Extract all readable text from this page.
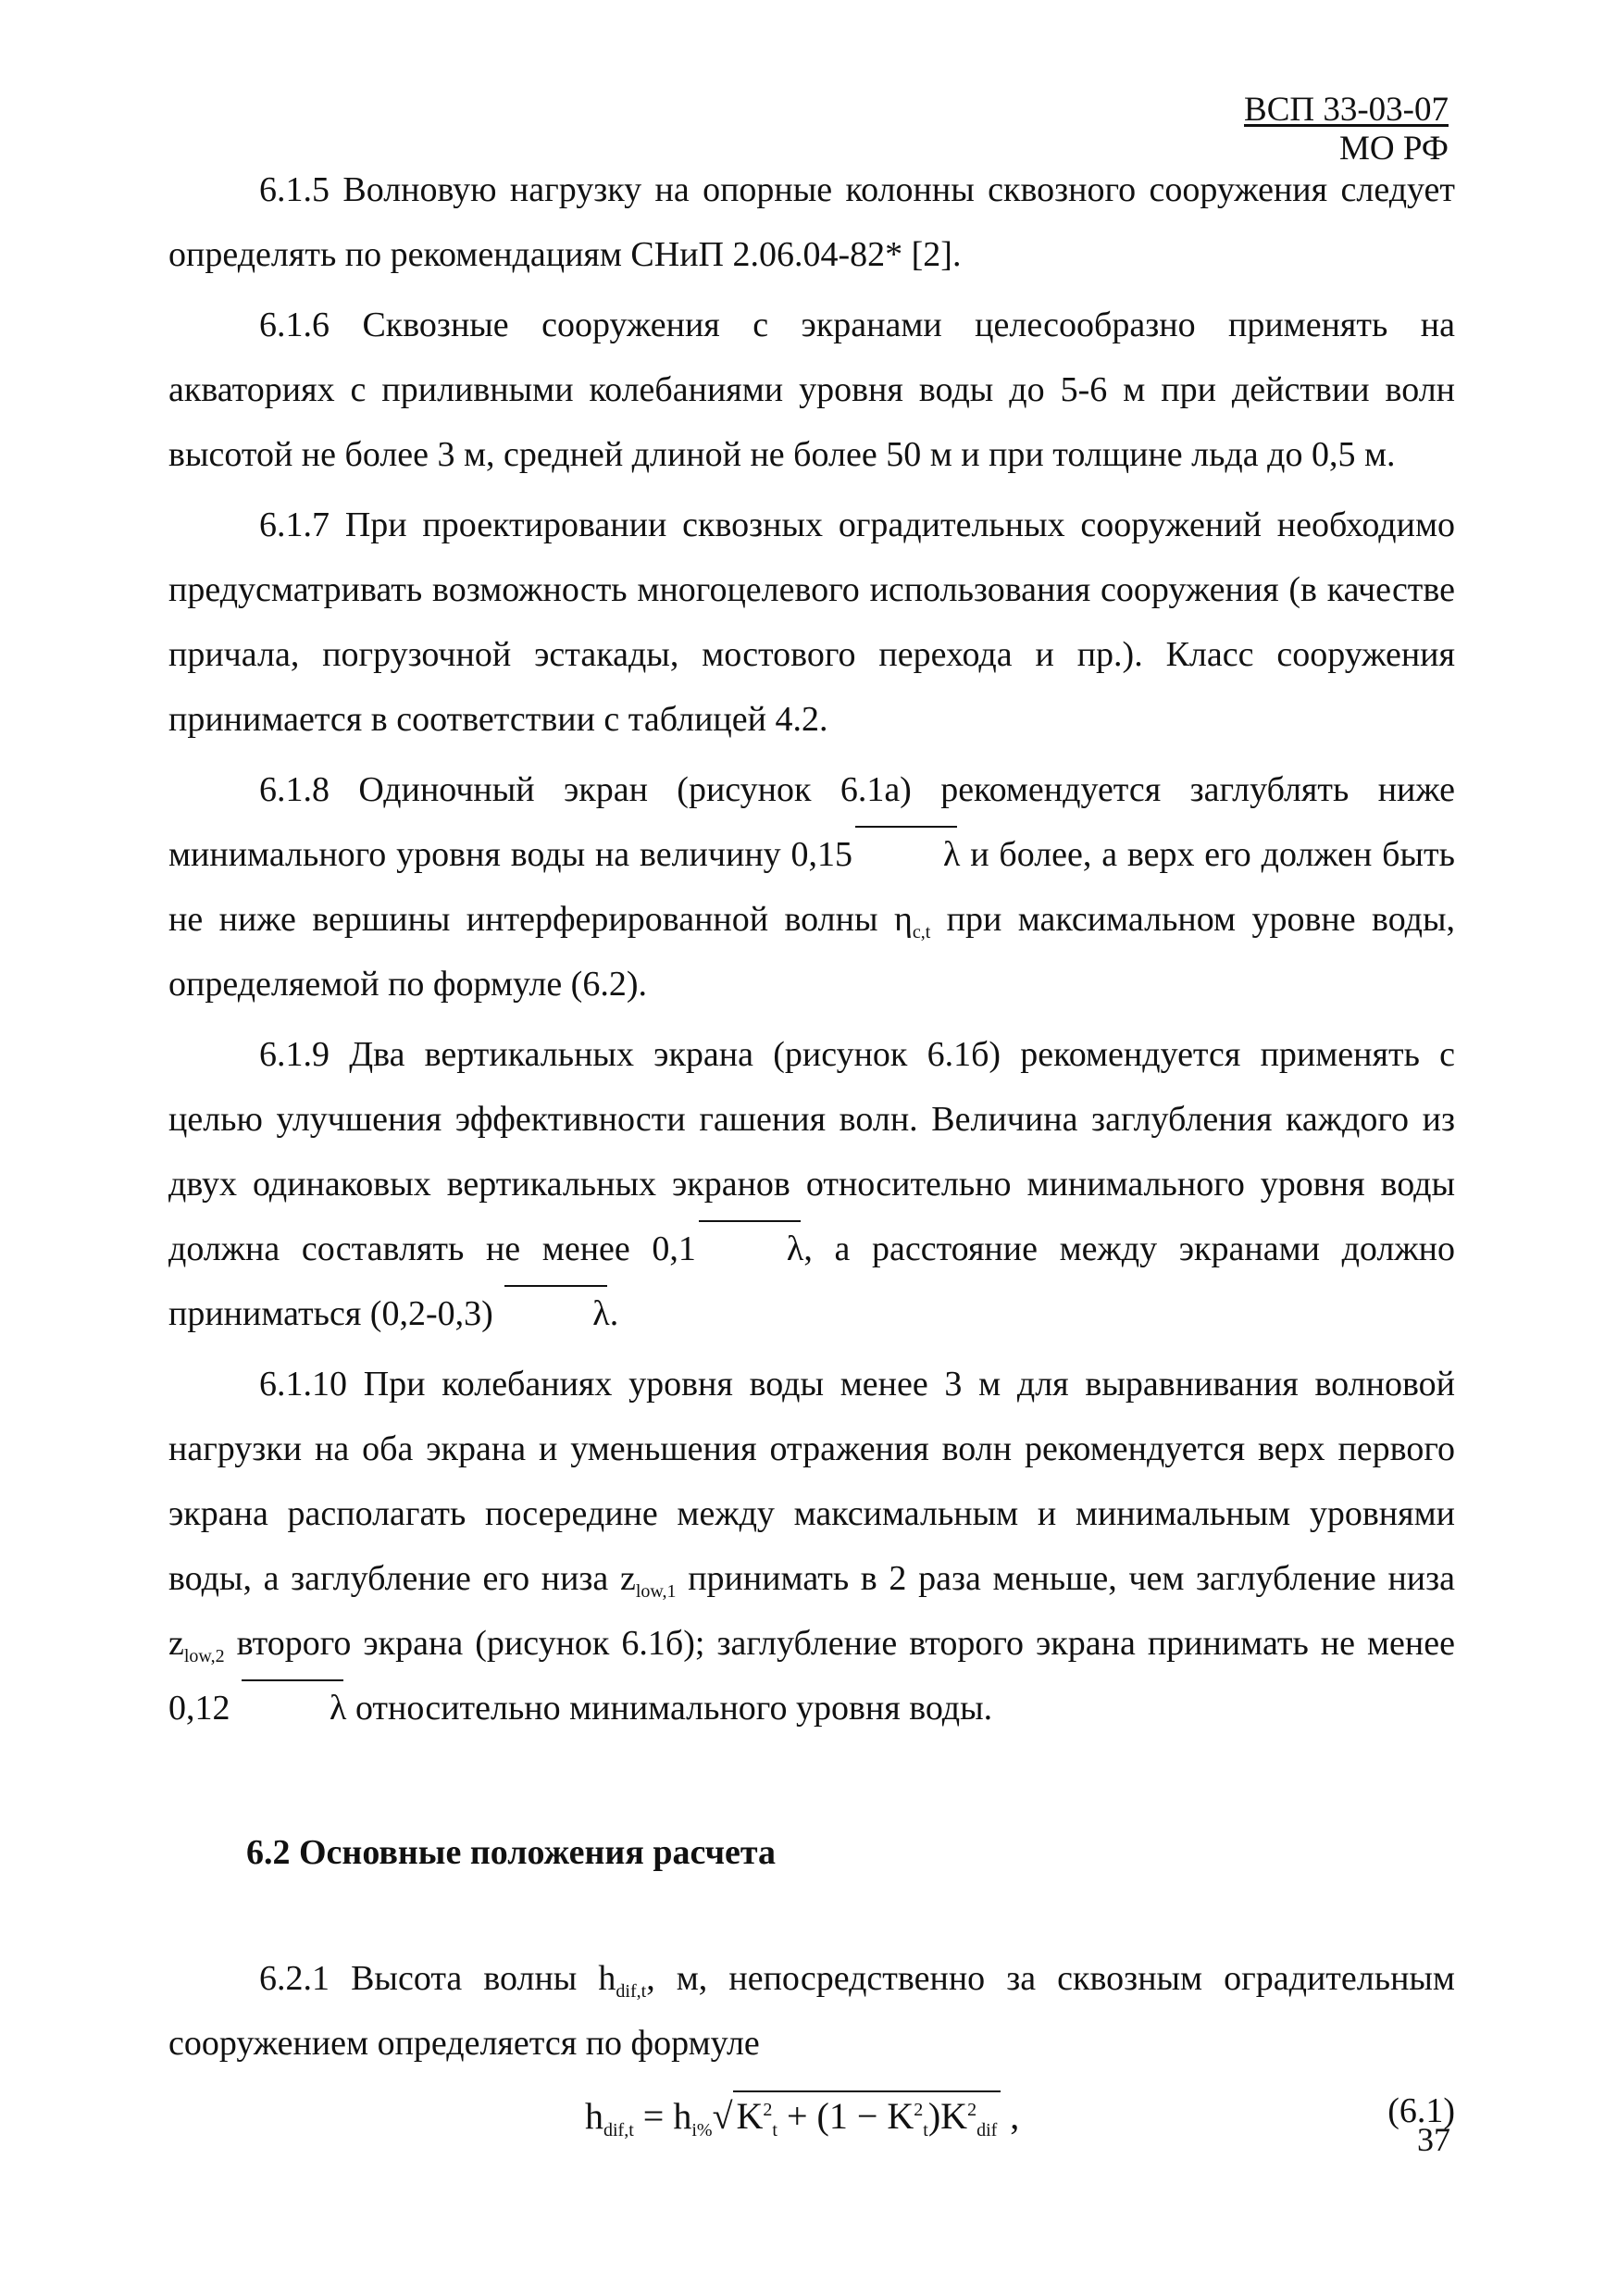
ВСП 33-03-07
МО РФ

6.1.5 Волновую нагрузку на опорные колонны сквозного сооружения следует определять по рекомендациям СНиП 2.06.04-82* [2].

6.1.6 Сквозные сооружения с экранами целесообразно применять на акваториях с приливными колебаниями уровня воды до 5-6 м при действии волн высотой не более 3 м, средней длиной не более 50 м и при толщине льда до 0,5 м.

6.1.7 При проектировании сквозных оградительных сооружений необходимо предусматривать возможность многоцелевого использования сооружения (в качестве причала, погрузочной эстакады, мостового перехода и пр.). Класс сооружения принимается в соответствии с таблицей 4.2.

6.1.8 Одиночный экран (рисунок 6.1а) рекомендуется заглублять ниже минимального уровня воды на величину 0,15	λ и более, а верх его должен быть не ниже вершины интерферированной волны $\eta_{c,t}$ при максимальном уровне воды, определяемой по формуле (6.2).

6.1.9 Два вертикальных экрана (рисунок 6.1б) рекомендуется применять с целью улучшения эффективности гашения волн. Величина заглубления каждого из двух одинаковых вертикальных экранов относительно минимального уровня воды должна составлять не менее 0,1	λ, а расстояние между экранами должно приниматься (0,2-0,3)	λ.

6.1.10 При колебаниях уровня воды менее 3 м для выравнивания волновой нагрузки на оба экрана и уменьшения отражения волн рекомендуется верх первого экрана располагать посередине между максимальным и минимальным уровнями воды, а заглубление его низа $z_{low,1}$ принимать в 2 раза меньше, чем заглубление низа $z_{low,2}$ второго экрана (рисунок 6.1б); заглубление второго экрана принимать не менее 0,12	λ относительно минимального уровня воды.

6.2 Основные положения расчета

6.2.1 Высота волны $h_{dif,t}$, м, непосредственно за сквозным оградительным сооружением определяется по формуле

$h_{dif,t} = h_{i\%}√$ $K^2_t + (1 - K^2_t)K^2_{dif}$ ,	(6.1)
37
